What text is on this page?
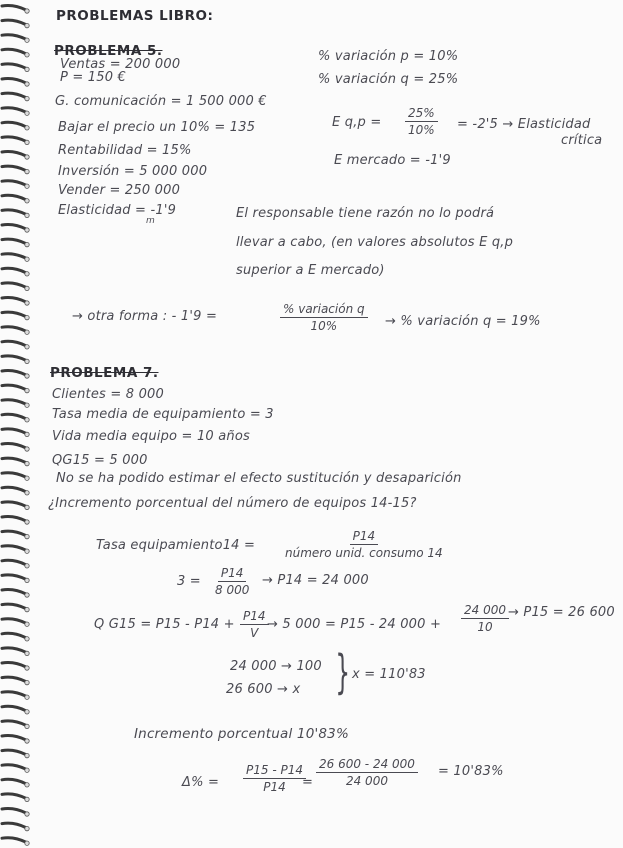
PROBLEMAS LIBRO:
PROBLEMA 5.
Ventas = 200 000
P = 150 €
G. comunicación = 1 500 000 €
Bajar el precio un 10% = 135
Rentabilidad = 15%
Inversión = 5 000 000
Vender = 250 000
Elasticidad = -1'9
m
% variación p = 10%
% variación q = 25%
E $q,p = \frac{25\%}{10\%} = -2'5$ → Elasticidad
crítica
E mercado = -1'9
El responsable tiene razón no lo podrá
llevar a cabo, (en valores absolutos E q,p
superior a E mercado)
→ otra forma : - 1'9 =	% variación q
10%	→ % variación q = 19%
PROBLEMA 7.
Clientes = 8 000
Tasa media de equipamiento = 3
Vida media equipo = 10 años
QG15 = 5 000
No se ha podido estimar el efecto sustitución y desaparición
¿Incremento porcentual del número de equipos 14-15?
Tasa equipamiento14 =
P14
número unid. consumo 14
$3 = \frac{P14}{8 000} \to P14 = 24$ 000
Q $G15 = P15 - P14 + \frac{P14}{V}$
→ 5 000 = P15 - 24 $000 + \frac{24 000}{10} \to P15 = 26$ 600
24 000 → 100
26 600 → x } x = 110'83
Incremento porcentual 10'83%
$\Delta\% = \frac{P15 - P14}{P14}$
= $\frac{26 600 - 24 000}{24 000} = 10'83\%$
